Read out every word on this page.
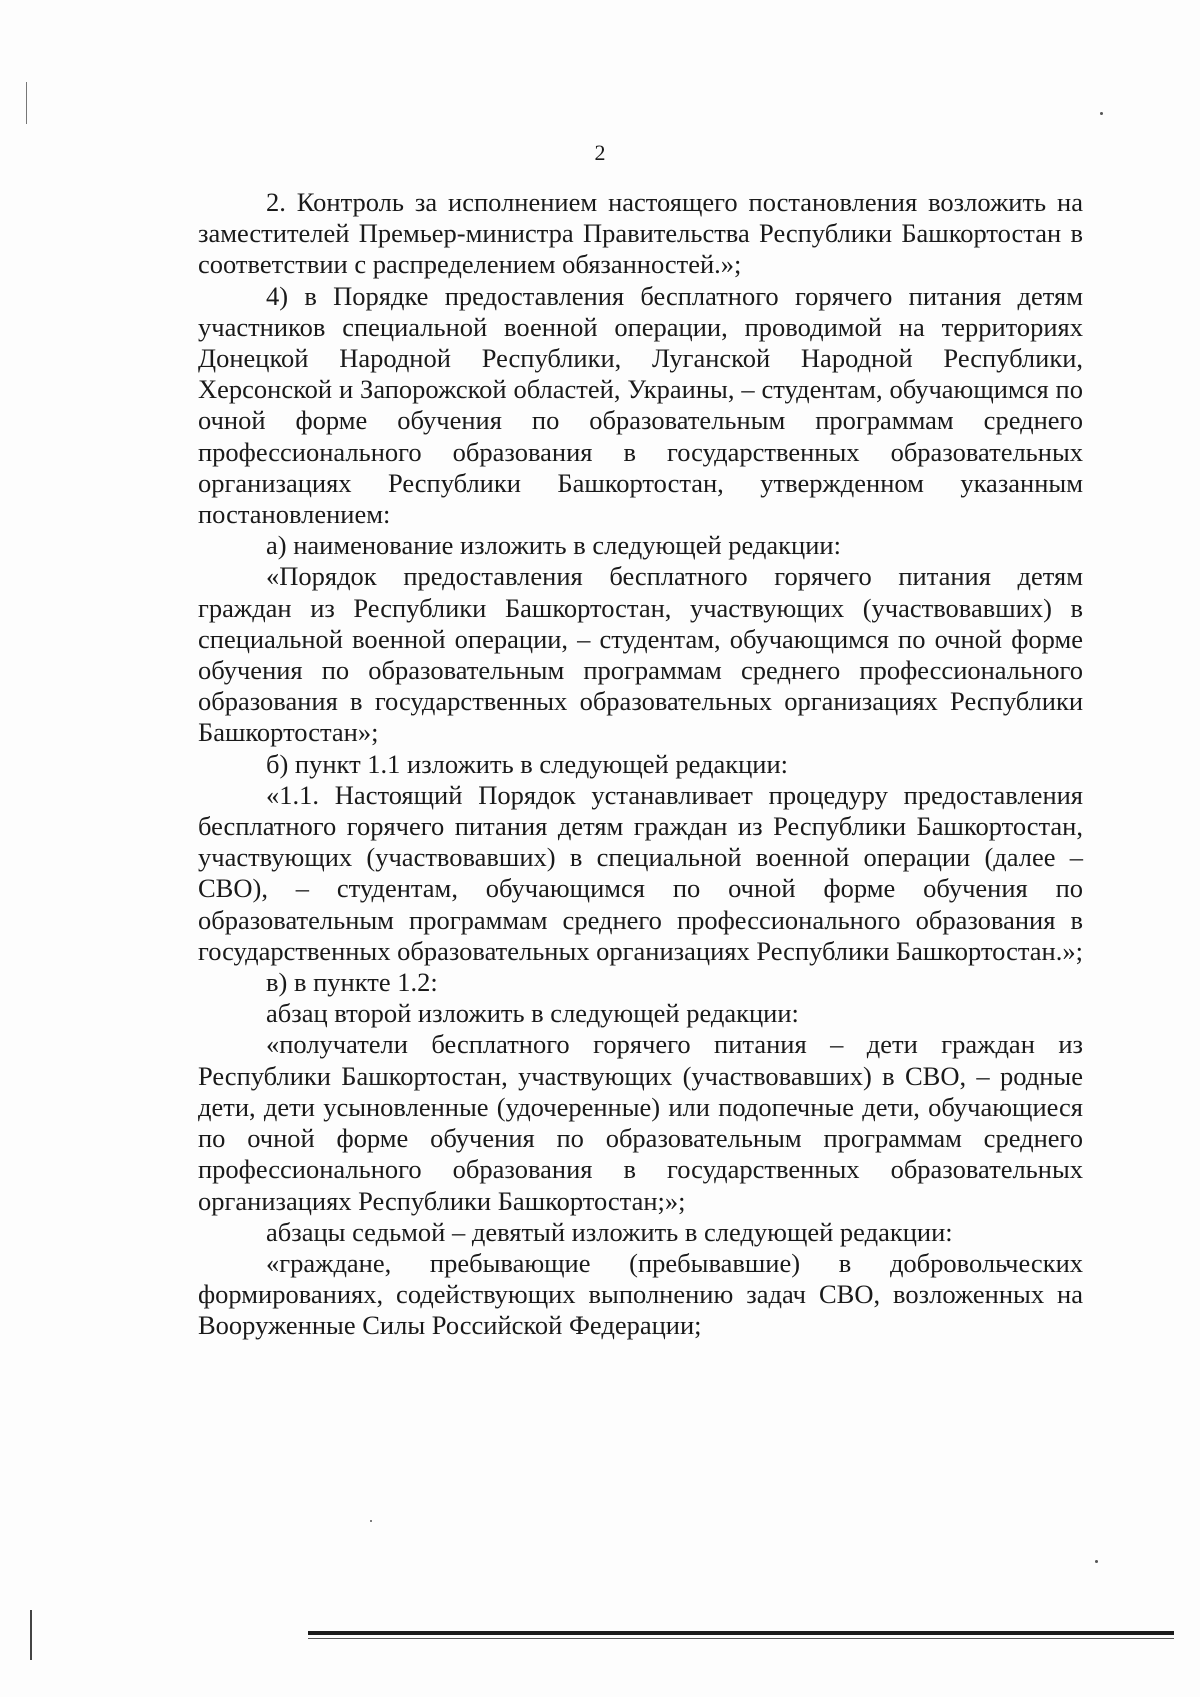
2

2. Контроль за исполнением настоящего постановления возложить на заместителей Премьер-министра Правительства Республики Башкортостан в соответствии с распределением обязанностей.»;

4) в Порядке предоставления бесплатного горячего питания детям участников специальной военной операции, проводимой на территориях Донецкой Народной Республики, Луганской Народной Республики, Херсонской и Запорожской областей, Украины, – студентам, обучающимся по очной форме обучения по образовательным программам среднего профессионального образования в государственных образовательных организациях Республики Башкортостан, утвержденном указанным постановлением:

а) наименование изложить в следующей редакции:

«Порядок предоставления бесплатного горячего питания детям граждан из Республики Башкортостан, участвующих (участвовавших) в специальной военной операции, – студентам, обучающимся по очной форме обучения по образовательным программам среднего профессионального образования в государственных образовательных организациях Республики Башкортостан»;

б) пункт 1.1 изложить в следующей редакции:

«1.1. Настоящий Порядок устанавливает процедуру предоставления бесплатного горячего питания детям граждан из Республики Башкортостан, участвующих (участвовавших) в специальной военной операции (далее – СВО), – студентам, обучающимся по очной форме обучения по образовательным программам среднего профессионального образования в государственных образовательных организациях Республики Башкортостан.»;

в) в пункте 1.2:

абзац второй изложить в следующей редакции:

«получатели бесплатного горячего питания – дети граждан из Республики Башкортостан, участвующих (участвовавших) в СВО, – родные дети, дети усыновленные (удочеренные) или подопечные дети, обучающиеся по очной форме обучения по образовательным программам среднего профессионального образования в государственных образовательных организациях Республики Башкортостан;»;

абзацы седьмой – девятый изложить в следующей редакции:

«граждане, пребывающие (пребывавшие) в добровольческих формированиях, содействующих выполнению задач СВО, возложенных на Вооруженные Силы Российской Федерации;
